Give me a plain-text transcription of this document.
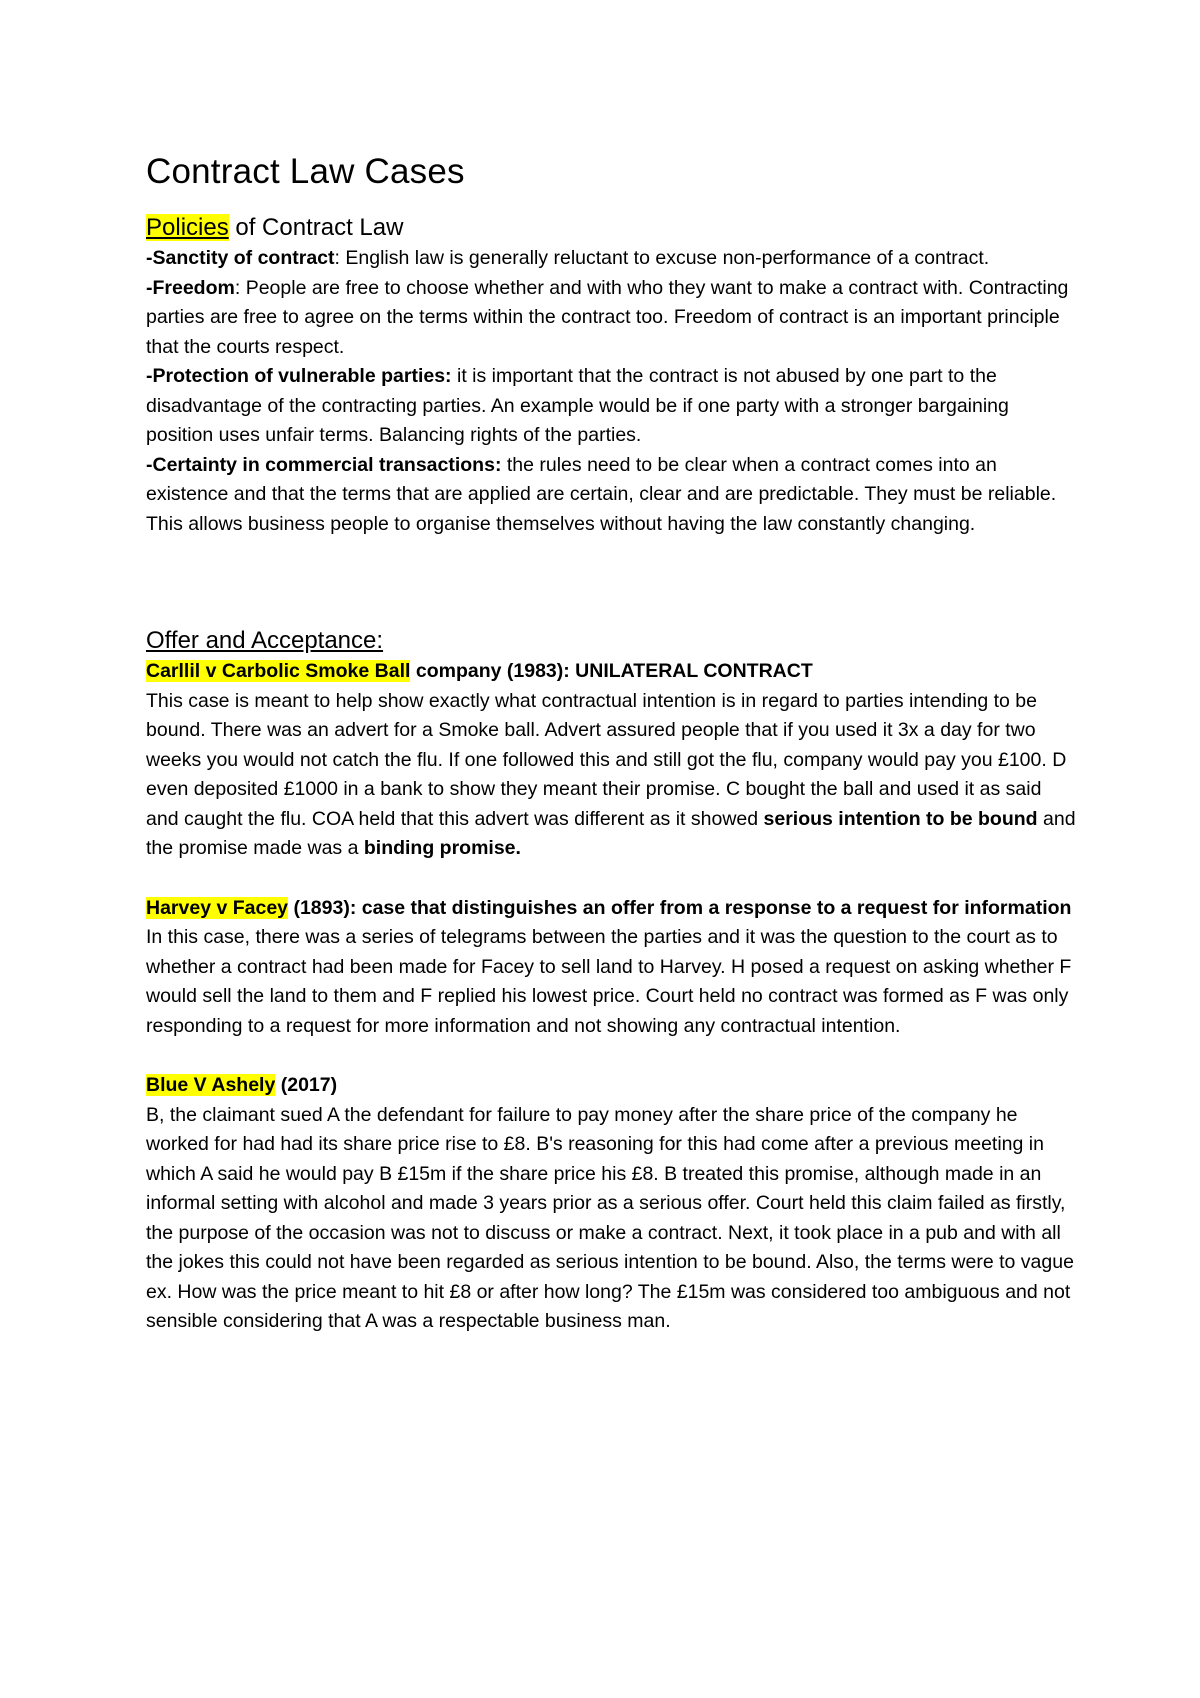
Contract Law Cases
Policies of Contract Law

-Sanctity of contract: English law is generally reluctant to excuse non-performance of a contract.

-Freedom: People are free to choose whether and with who they want to make a contract with. Contracting parties are free to agree on the terms within the contract too. Freedom of contract is an important principle that the courts respect.

-Protection of vulnerable parties: it is important that the contract is not abused by one part to the disadvantage of the contracting parties. An example would be if one party with a stronger bargaining position uses unfair terms. Balancing rights of the parties.

-Certainty in commercial transactions: the rules need to be clear when a contract comes into an existence and that the terms that are applied are certain, clear and are predictable. They must be reliable. This allows business people to organise themselves without having the law constantly changing.

Offer and Acceptance:

Carllil v Carbolic Smoke Ball company (1983): UNILATERAL CONTRACT

This case is meant to help show exactly what contractual intention is in regard to parties intending to be bound. There was an advert for a Smoke ball. Advert assured people that if you used it 3x a day for two weeks you would not catch the flu. If one followed this and still got the flu, company would pay you £100. D even deposited £1000 in a bank to show they meant their promise. C bought the ball and used it as said and caught the flu. COA held that this advert was different as it showed serious intention to be bound and the promise made was a binding promise.

Harvey v Facey (1893): case that distinguishes an offer from a response to a request for information

In this case, there was a series of telegrams between the parties and it was the question to the court as to whether a contract had been made for Facey to sell land to Harvey. H posed a request on asking whether F would sell the land to them and F replied his lowest price. Court held no contract was formed as F was only responding to a request for more information and not showing any contractual intention.

Blue V Ashely (2017)

B, the claimant sued A the defendant for failure to pay money after the share price of the company he worked for had had its share price rise to £8. B's reasoning for this had come after a previous meeting in which A said he would pay B £15m if the share price his £8. B treated this promise, although made in an informal setting with alcohol and made 3 years prior as a serious offer. Court held this claim failed as firstly, the purpose of the occasion was not to discuss or make a contract. Next, it took place in a pub and with all the jokes this could not have been regarded as serious intention to be bound. Also, the terms were to vague ex. How was the price meant to hit £8 or after how long? The £15m was considered too ambiguous and not sensible considering that A was a respectable business man.
